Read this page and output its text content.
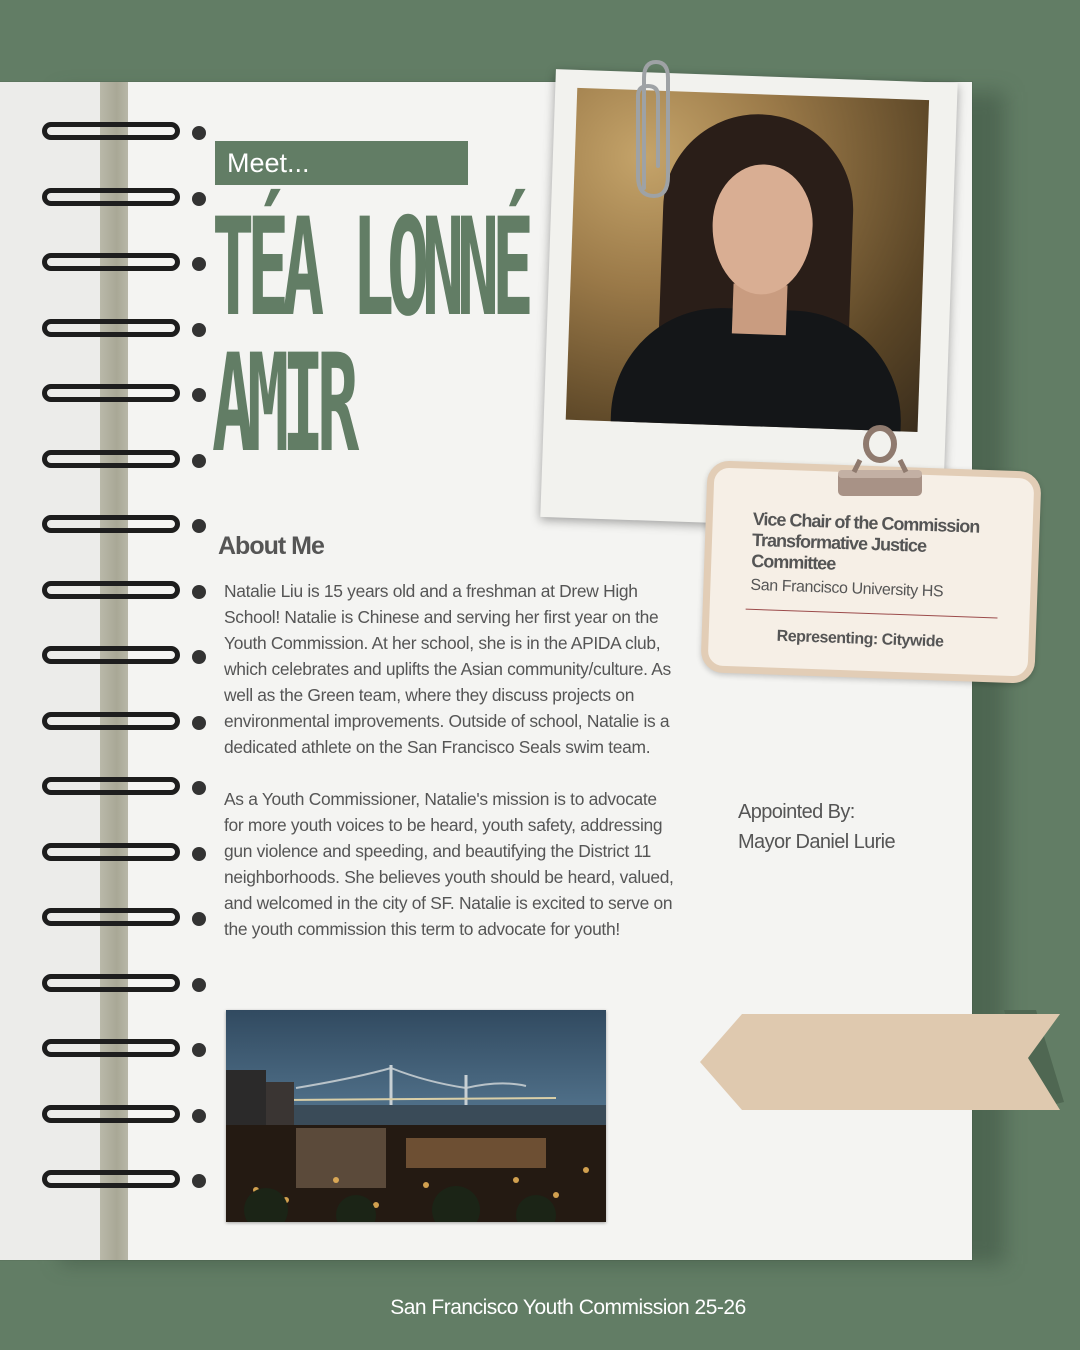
Meet...
TÉA LONNÉ
AMIR
About Me

Natalie Liu is 15 years old and a freshman at Drew High School! Natalie is Chinese and serving her first year on the Youth Commission. At her school, she is in the APIDA club, which celebrates and uplifts the Asian community/culture. As well as the Green team, where they discuss projects on environmental improvements. Outside of school, Natalie is a dedicated athlete on the San Francisco Seals swim team.

As a Youth Commissioner, Natalie's mission is to advocate for more youth voices to be heard, youth safety, addressing gun violence and speeding, and beautifying the District 11 neighborhoods. She believes youth should be heard, valued, and welcomed in the city of SF. Natalie is excited to serve on the youth commission this term to advocate for youth!

Vice Chair of the Commission
Transformative Justice
Committee
San Francisco University HS
Representing: Citywide
Appointed By:
Mayor Daniel Lurie
San Francisco Youth Commission 25-26
